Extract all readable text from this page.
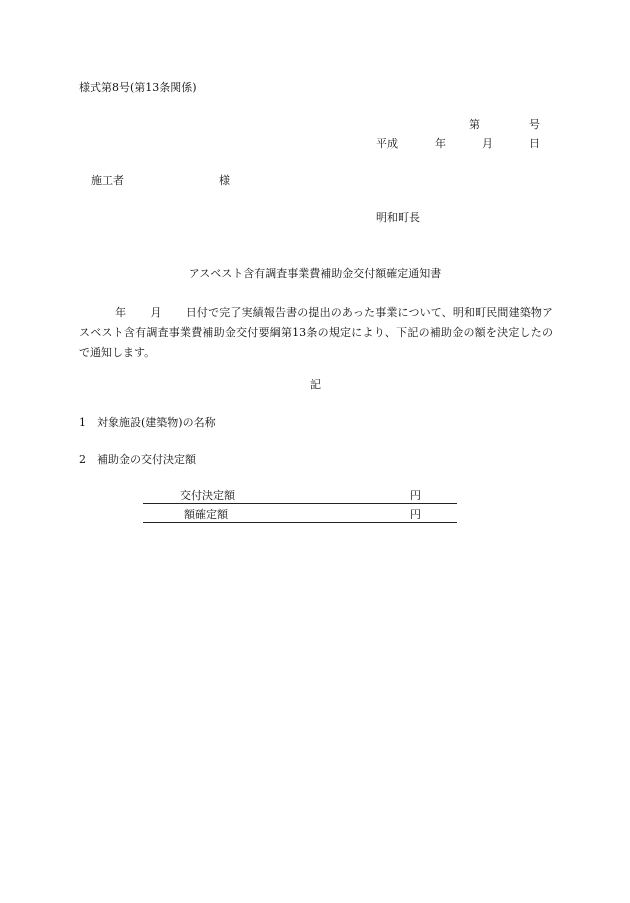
様式第8号(第13条関係)
第	号
平成	年	月	日
施工者	様
明和町長
アスベスト含有調査事業費補助金交付額確定通知書
年 月 日付で完了実績報告書の提出のあった事業について、明和町民間建築物アスベスト含有調査事業費補助金交付要綱第13条の規定により、下記の補助金の額を決定したので通知します。
記
1 対象施設(建築物)の名称
2 補助金の交付決定額
交付決定額	円
額確定額	円
